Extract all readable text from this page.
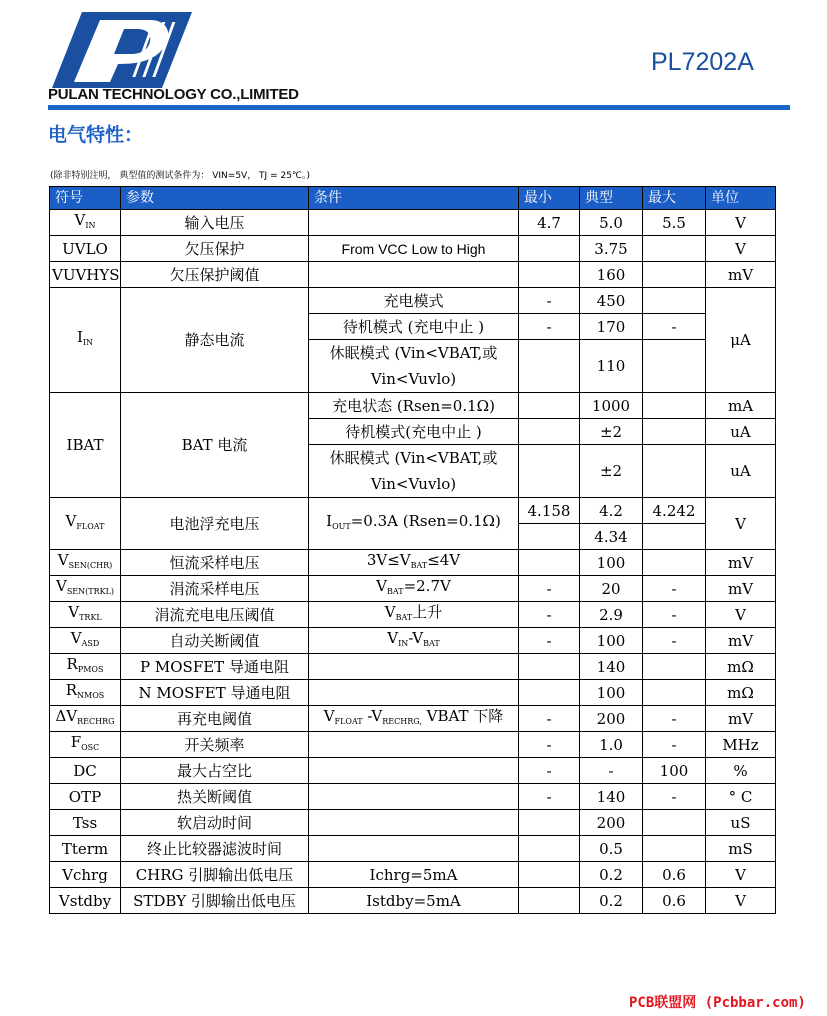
PULAN TECHNOLOGY CO.,LIMITED
PL7202A
电气特性：
(除非特别注明， 典型值的测试条件为： VIN=5V， TJ = 25℃。)
符号	参数	条件	最小	典型	最大	单位
$V_{IN}$	输入电压		4.7	5.0	5.5	V
UVLO	欠压保护	From VCC Low to High		3.75		V
VUVHYS	欠压保护阈值			160		mV
$I_{IN}$	静态电流	充电模式	-	450		μA
		待机模式 (充电中止 )	-	170	-	
		休眠模式 (Vin<VBAT,或
Vin<Vuvlo)		110		
IBAT	BAT 电流	充电状态 (Rsen=0.1Ω)		1000		mA
		待机模式(充电中止 )		±2		uA
		休眠模式 (Vin<VBAT,或
Vin<Vuvlo)		±2		uA
$V_{FLOAT}$	电池浮充电压	$I_{OUT}=0.3A$ (Rsen=0.1Ω)	4.158	4.2	4.242	V
				4.34		
$V_{SEN(CHR)}$	恒流采样电压	$3V\le V_{BAT}\le 4V$		100		mV
$V_{SEN(TRKL)}$	涓流采样电压	$V_{BAT}=2.7V$	-	20	-	mV
$V_{TRKL}$	涓流充电电压阈值	$V_{BAT}$上升	-	2.9	-	V
$V_{ASD}$	自动关断阈值	$V_{IN}-V_{BAT}$	-	100	-	mV
$R_{PMOS}$	P MOSFET 导通电阻			140		mΩ
$R_{NMOS}$	N MOSFET 导通电阻			100		mΩ
$\Delta V_{RECHRG}$	再充电阈值	$V_{FLOAT}$ $-V_{RECHRG,}$ VBAT 下降	-	200	-	mV
$F_{OSC}$	开关频率		-	1.0	-	MHz
DC	最大占空比		-	-	100	%
OTP	热关断阈值		-	140	-	° C
Tss	软启动时间			200		uS
Tterm	终止比较器滤波时间			0.5		mS
Vchrg	CHRG 引脚输出低电压	Ichrg=5mA		0.2	0.6	V
Vstdby	STDBY 引脚输出低电压	Istdby=5mA		0.2	0.6	V
PCB联盟网 (Pcbbar.com)
